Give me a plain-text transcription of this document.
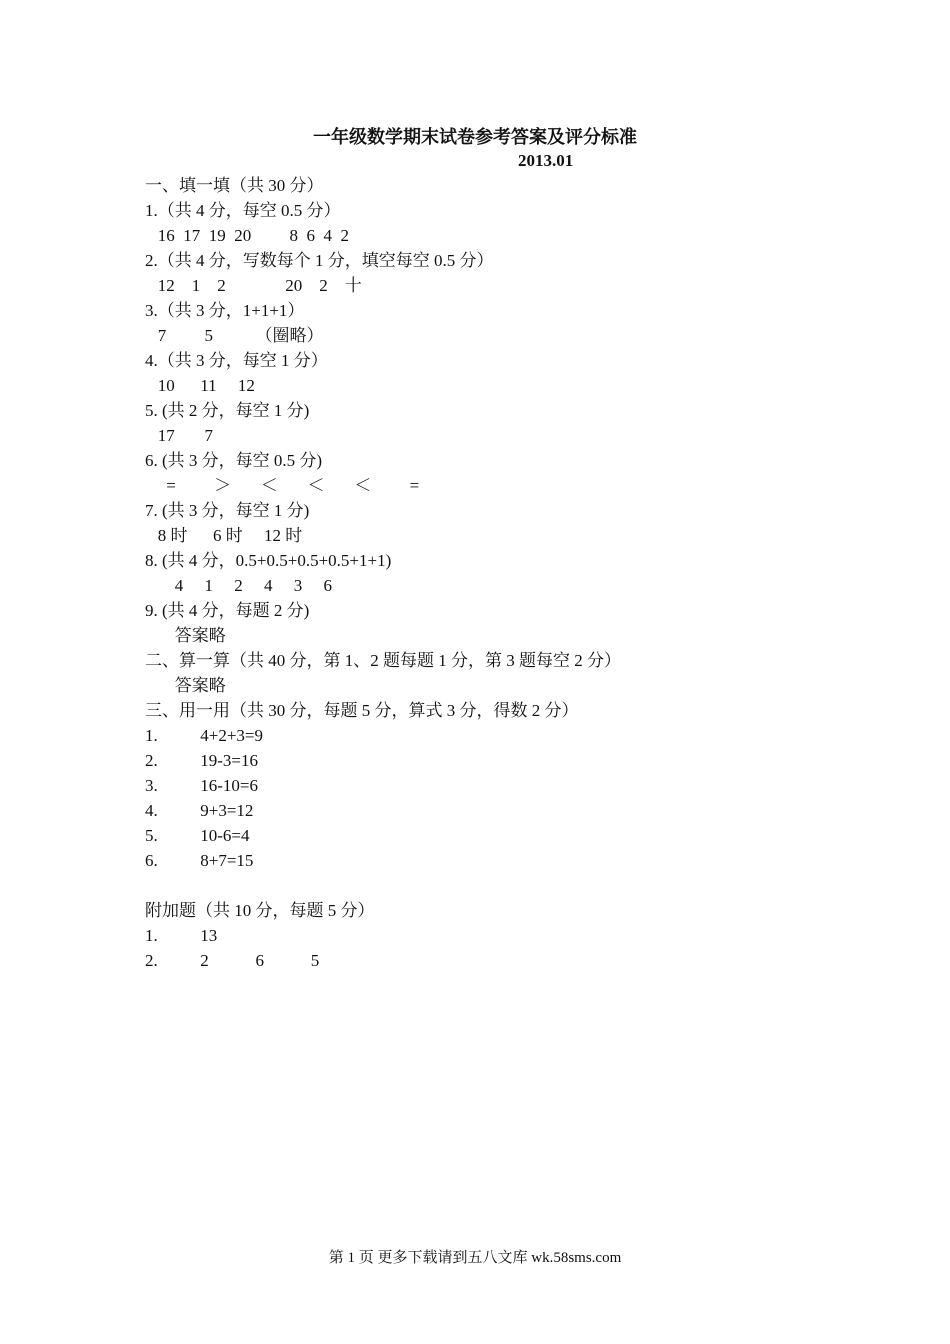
一年级数学期末试卷参考答案及评分标准
2013.01
一、填一填（共 30 分）
1.（共 4 分，每空 0.5 分）
16  17  19  20         8  6  4  2
2.（共 4 分，写数每个 1 分，填空每空 0.5 分）
12    1    2              20    2    十
3.（共 3 分，1+1+1）
7         5          （圈略）
4.（共 3 分，每空 1 分）
10      11     12
5. (共 2 分，每空 1 分)
17       7
6. (共 3 分，每空 0.5 分)
=         ＞       ＜       ＜       ＜         =
7. (共 3 分，每空 1 分)
8 时      6 时     12 时
8. (共 4 分，0.5+0.5+0.5+0.5+1+1)
4     1     2     4     3     6
9. (共 4 分，每题 2 分)
答案略
二、算一算（共 40 分，第 1、2 题每题 1 分，第 3 题每空 2 分）
答案略
三、用一用（共 30 分，每题 5 分，算式 3 分，得数 2 分）
1.          4+2+3=9
2.          19-3=16
3.          16-10=6
4.          9+3=12
5.          10-6=4
6.          8+7=15
附加题（共 10 分，每题 5 分）
1.          13
2.          2           6           5
第 1 页 更多下载请到五八文库 wk.58sms.com
